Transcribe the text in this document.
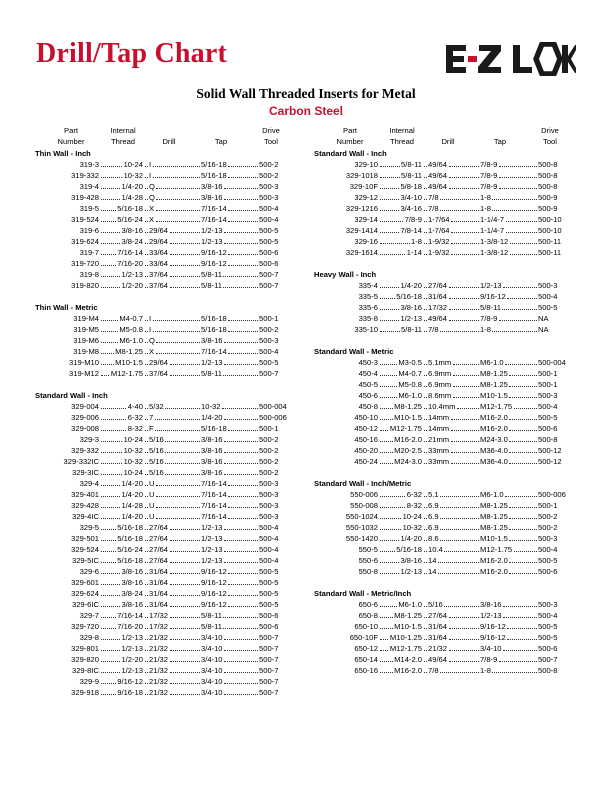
Drill/Tap Chart
Solid Wall Threaded Inserts for Metal
Carbon Steel
Part
Number
Internal
Thread	Drill	Tap
Drive
Tool
Thin Wall - Inch
319-3	10-24 I	5/16-18	500-2
319-332	10-32 I	5/16-18	500-2
319-4	1/4-20 Q	3/8-16	500-3
319-428	1/4-28 Q	3/8-16	500-3
319-5 5/16-18 X	7/16-14	500-4
319-524 5/16-24 X	7/16-14	500-4
319-6	3/8-16 29/64	1/2-13	500-5
319-624	3/8-24 29/64	1/2-13	500-5
319-7 7/16-14 33/64	9/16-12	500-6
319-720 7/16-20 33/64	9/16-12	500-6
319-8	1/2-13 37/64	5/8-11	500-7
319-820	1/2-20 37/64	5/8-11	500-7
Thin Wall - Metric
319-M4	M4-0.7 I	5/16-18	500-1
319-M5	M5-0.8 I	5/16-18	500-2
319-M6	M6-1.0 Q	3/8-16	500-3
319-M8 M8-1.25 X	7/16-14	500-4
319-M10 M10-1.5 29/64	1/2-13	500-5
319-M12 M12-1.75 37/64	5/8-11	500-7
Standard Wall - Inch
329-004	4-40 5/32	10-32	500-004
329-006	6-32 7	1/4-20	500-006
329-008	8-32 F	5/16-18	500-1
329-3	10-24 5/16	3/8-16	500-2
329-332	10-32 5/16	3/8-16	500-2
329-332IC	10-32 5/16	3/8-16	500-2
329-3IC	10-24 5/16	3/8-16	500-2
329-4	1/4-20 U	7/16-14	500-3
329-401	1/4-20 U	7/16-14	500-3
329-428	1/4-28 U	7/16-14	500-3
329-4IC	1/4-20 U	7/16-14	500-3
329-5 5/16-18 27/64	1/2-13	500-4
329-501 5/16-18 27/64	1/2-13	500-4
329-524 5/16-24 27/64	1/2-13	500-4
329-5IC 5/16-18 27/64	1/2-13	500-4
329-6	3/8-16 31/64	9/16-12	500-5
329-601	3/8-16 31/64	9/16-12	500-5
329-624	3/8-24 31/64	9/16-12	500-5
329-6IC	3/8-16 31/64	9/16-12	500-5
329-7 7/16-14 17/32	5/8-11	500-6
329-720 7/16-20 17/32	5/8-11	500-6
329-8	1/2-13 21/32	3/4-10	500-7
329-801	1/2-13 21/32	3/4-10	500-7
329-820	1/2-20 21/32	3/4-10	500-7
329-8IC	1/2-13 21/32	3/4-10	500-7
329-9 9/16-12 21/32	3/4-10	500-7
329-918 9/16-18 21/32	3/4-10	500-7
Part
Number
Internal
Thread	Drill	Tap
Drive
Tool
Standard Wall - Inch
329-10	5/8-11 49/64	7/8-9	500-8
329-1018	5/8-11 49/64	7/8-9	500-8
329-10F	5/8-18 49/64	7/8-9	500-8
329-12	3/4-10 7/8	1-8	500-9
329-1216	3/4-16 7/8	1-8	500-9
329-14	7/8-9 1-7/64	1-1/4-7	500-10
329-1414	7/8-14 1-7/64	1-1/4-7	500-10
329-16	1-8 1-9/32	1-3/8-12	500-11
329-1614	1-14 1-9/32	1-3/8-12	500-11
Heavy Wall - Inch
335-4	1/4-20 27/64	1/2-13	500-3
335-5 5/16-18 31/64	9/16-12	500-4
335-6	3/8-16 17/32	5/8-11	500-5
335-8	1/2-13 49/64	7/8-9	NA
335-10	5/8-11 7/8	1-8	NA
Standard Wall - Metric
450-3	M3-0.5 5.1mm	M6-1.0	500-004
450-4	M4-0.7 6.9mm	M8-1.25	500-1
450-5	M5-0.8 6.9mm	M8-1.25	500-1
450-6	M6-1.0 8.6mm	M10-1.5	500-3
450-8 M8-1.25 10.4mm	M12-1.75	500-4
450-10 M10-1.5 14mm	M16-2.0	500-5
450-12 M12-1.75 14mm	M16-2.0	500-6
450-16 M16-2.0 21mm	M24-3.0	500-8
450-20 M20-2.5 33mm	M36-4.0	500-12
450-24 M24-3.0 33mm	M36-4.0	500-12
Standard Wall - Inch/Metric
550-006	6-32 5.1	M6-1.0	500-006
550-008	8-32 6.9	M8-1.25	500-1
550-1024	10-24 6.9	M8-1.25	500-2
550-1032	10-32 6.9	M8-1.25	500-2
550-1420	1/4-20 8.6	M10-1.5	500-3
550-5 5/16-18 10.4	M12-1.75	500-4
550-6	3/8-16 14	M16-2.0	500-5
550-8	1/2-13 14	M16-2.0	500-6
Standard Wall - Metric/Inch
650-6	M6-1.0 5/16	3/8-16	500-3
650-8 M8-1.25 27/64	1/2-13	500-4
650-10 M10-1.5 31/64	9/16-12	500-5
650-10F M10-1.25 31/64	9/16-12	500-5
650-12 M12-1.75 21/32	3/4-10	500-6
650-14 M14-2.0 49/64	7/8-9	500-7
650-16 M16-2.0 7/8	1-8	500-8
